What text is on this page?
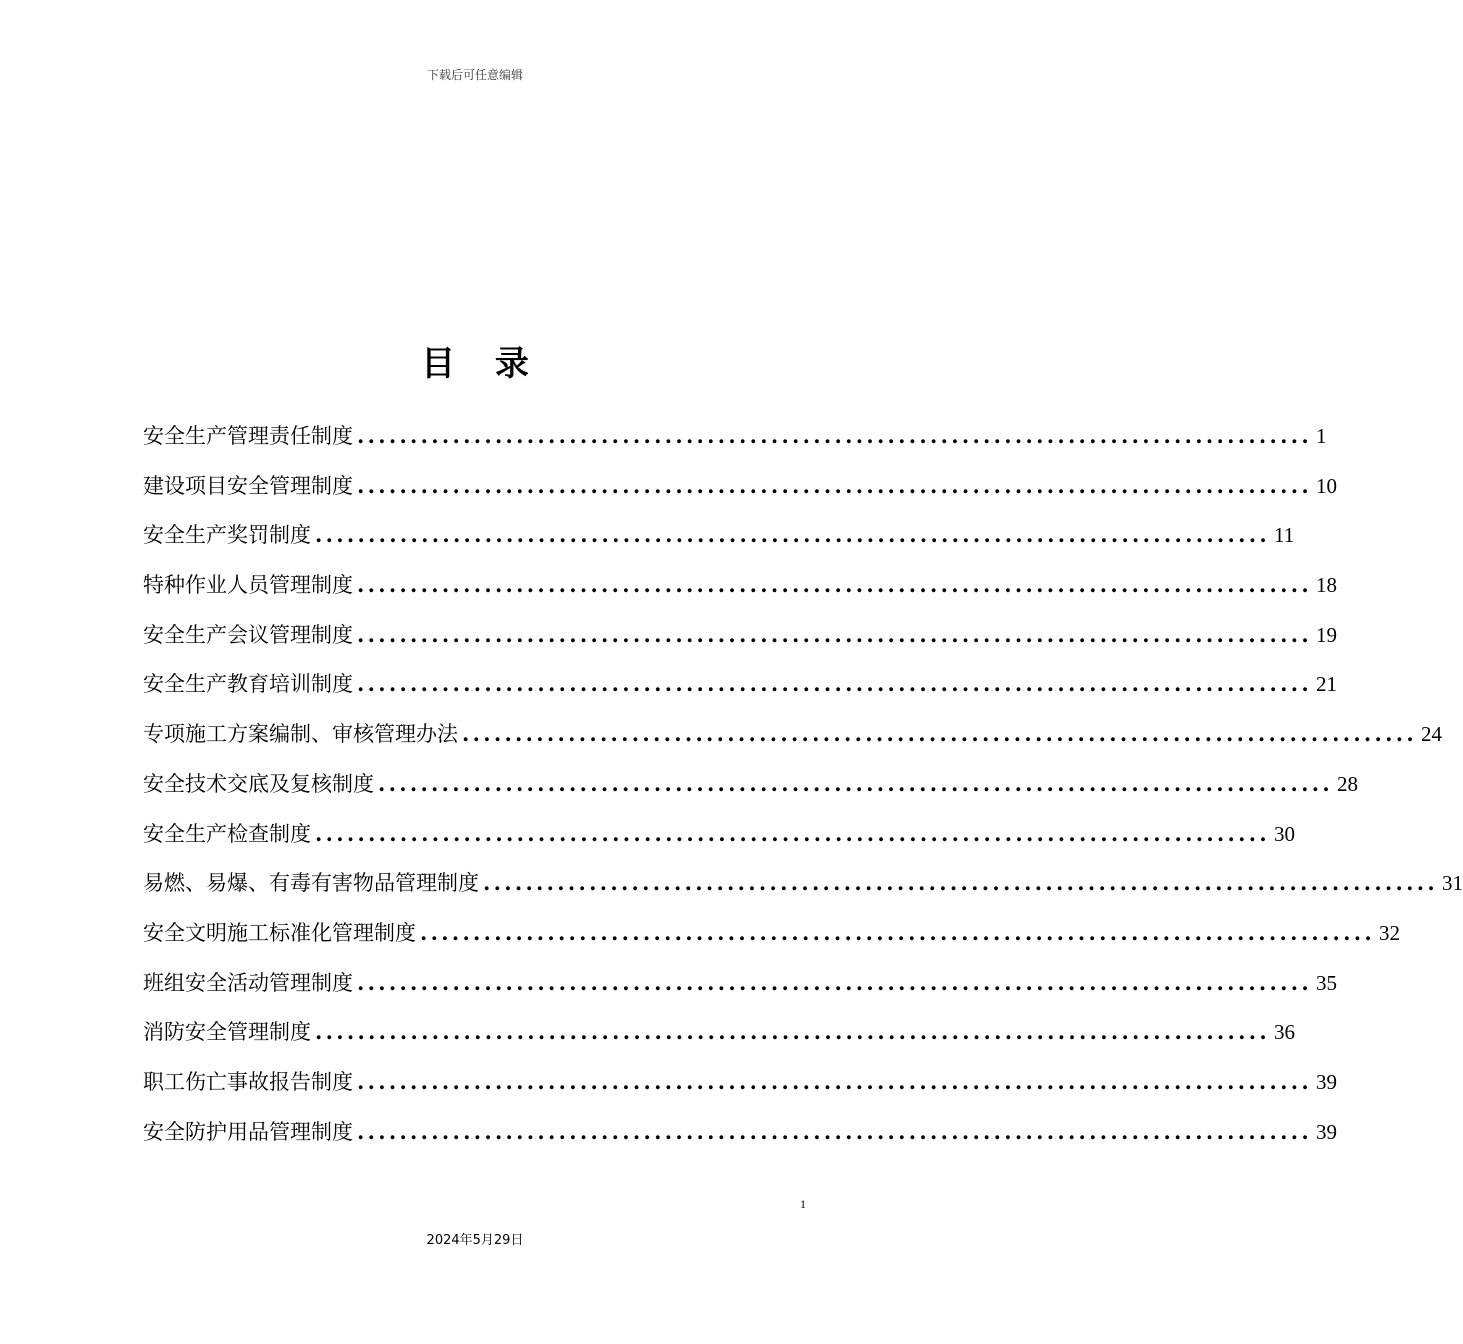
下载后可任意编辑
目 录
安全生产管理责任制度 .......................................................................................... 1
建设项目安全管理制度 .......................................................................................... 10
安全生产奖罚制度 .......................................................................................... 11
特种作业人员管理制度 .......................................................................................... 18
安全生产会议管理制度 .......................................................................................... 19
安全生产教育培训制度 .......................................................................................... 21
专项施工方案编制、审核管理办法 .......................................................................................... 24
安全技术交底及复核制度 .......................................................................................... 28
安全生产检查制度 .......................................................................................... 30
易燃、易爆、有毒有害物品管理制度 .......................................................................................... 31
安全文明施工标准化管理制度 .......................................................................................... 32
班组安全活动管理制度 .......................................................................................... 35
消防安全管理制度 .......................................................................................... 36
职工伤亡事故报告制度 .......................................................................................... 39
安全防护用品管理制度 .......................................................................................... 39
1
2024年5月29日
